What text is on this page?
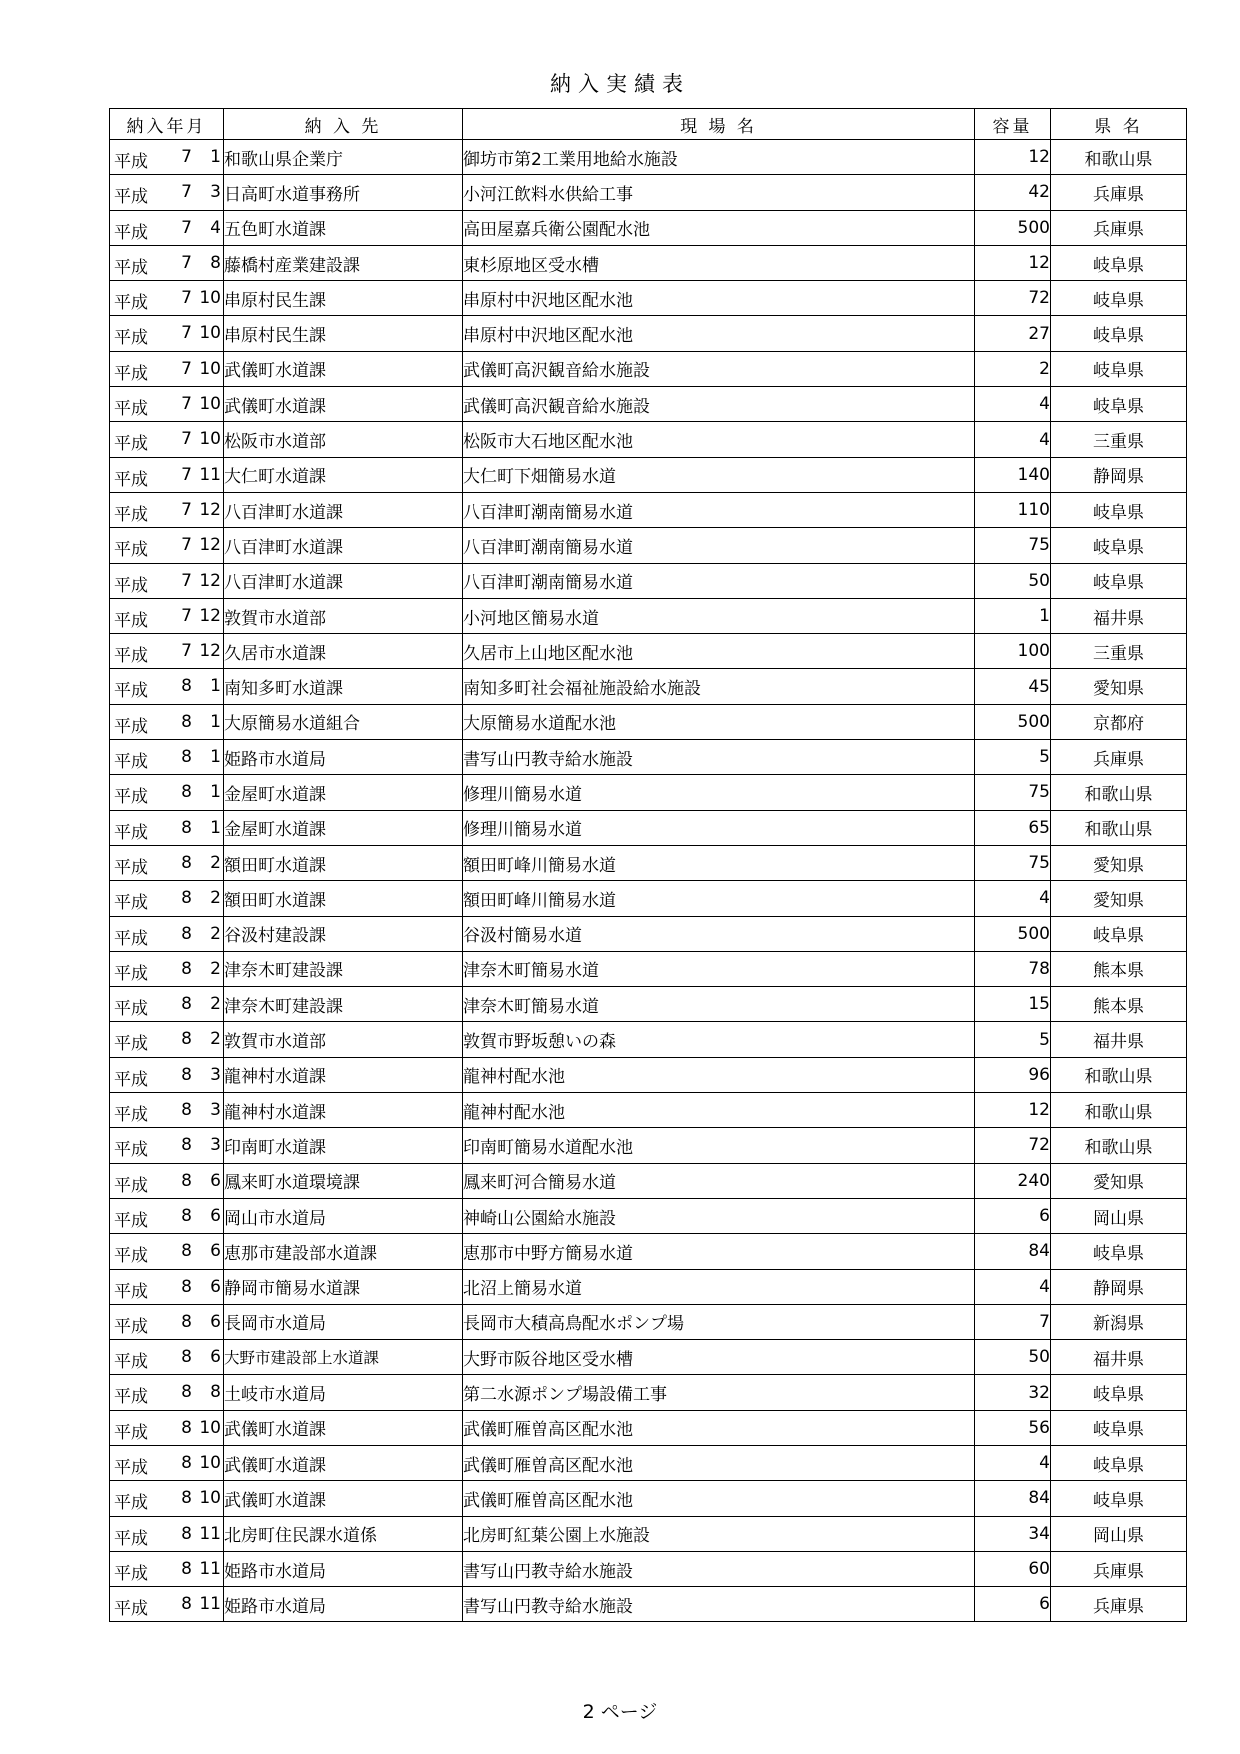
納入実績表
納入年月	納 入 先	現 場 名	容量	県 名

平成 7 1	和歌山県企業庁	御坊市第2工業用地給水施設	12	和歌山県

平成 7 3	日高町水道事務所	小河江飲料水供給工事	42	兵庫県

平成 7 4	五色町水道課	高田屋嘉兵衛公園配水池	500	兵庫県

平成 7 8	藤橋村産業建設課	東杉原地区受水槽	12	岐阜県

平成 7 10	串原村民生課	串原村中沢地区配水池	72	岐阜県

平成 7 10	串原村民生課	串原村中沢地区配水池	27	岐阜県

平成 7 10	武儀町水道課	武儀町高沢観音給水施設	2	岐阜県

平成 7 10	武儀町水道課	武儀町高沢観音給水施設	4	岐阜県

平成 7 10	松阪市水道部	松阪市大石地区配水池	4	三重県

平成 7 11	大仁町水道課	大仁町下畑簡易水道	140	静岡県

平成 7 12	八百津町水道課	八百津町潮南簡易水道	110	岐阜県

平成 7 12	八百津町水道課	八百津町潮南簡易水道	75	岐阜県

平成 7 12	八百津町水道課	八百津町潮南簡易水道	50	岐阜県

平成 7 12	敦賀市水道部	小河地区簡易水道	1	福井県

平成 7 12	久居市水道課	久居市上山地区配水池	100	三重県

平成 8 1	南知多町水道課	南知多町社会福祉施設給水施設	45	愛知県

平成 8 1	大原簡易水道組合	大原簡易水道配水池	500	京都府

平成 8 1	姫路市水道局	書写山円教寺給水施設	5	兵庫県

平成 8 1	金屋町水道課	修理川簡易水道	75	和歌山県

平成 8 1	金屋町水道課	修理川簡易水道	65	和歌山県

平成 8 2	額田町水道課	額田町峰川簡易水道	75	愛知県

平成 8 2	額田町水道課	額田町峰川簡易水道	4	愛知県

平成 8 2	谷汲村建設課	谷汲村簡易水道	500	岐阜県

平成 8 2	津奈木町建設課	津奈木町簡易水道	78	熊本県

平成 8 2	津奈木町建設課	津奈木町簡易水道	15	熊本県

平成 8 2	敦賀市水道部	敦賀市野坂憩いの森	5	福井県

平成 8 3	龍神村水道課	龍神村配水池	96	和歌山県

平成 8 3	龍神村水道課	龍神村配水池	12	和歌山県

平成 8 3	印南町水道課	印南町簡易水道配水池	72	和歌山県

平成 8 6	鳳来町水道環境課	鳳来町河合簡易水道	240	愛知県

平成 8 6	岡山市水道局	神崎山公園給水施設	6	岡山県

平成 8 6	恵那市建設部水道課	恵那市中野方簡易水道	84	岐阜県

平成 8 6	静岡市簡易水道課	北沼上簡易水道	4	静岡県

平成 8 6	長岡市水道局	長岡市大積高鳥配水ポンプ場	7	新潟県

平成 8 6	大野市建設部上水道課	大野市阪谷地区受水槽	50	福井県

平成 8 8	土岐市水道局	第二水源ポンプ場設備工事	32	岐阜県

平成 8 10	武儀町水道課	武儀町雁曽高区配水池	56	岐阜県

平成 8 10	武儀町水道課	武儀町雁曽高区配水池	4	岐阜県

平成 8 10	武儀町水道課	武儀町雁曽高区配水池	84	岐阜県

平成 8 11	北房町住民課水道係	北房町紅葉公園上水施設	34	岡山県

平成 8 11	姫路市水道局	書写山円教寺給水施設	60	兵庫県

平成 8 11	姫路市水道局	書写山円教寺給水施設	6	兵庫県
2 ページ
